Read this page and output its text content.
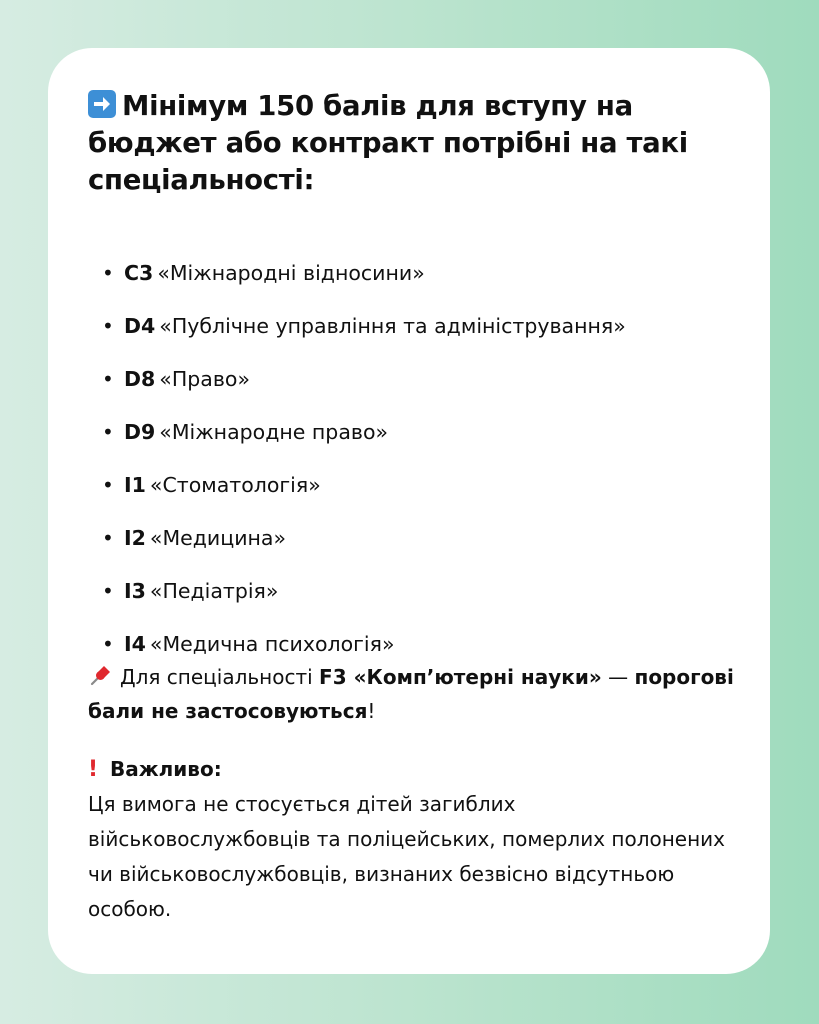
Мінімум 150 балів для вступу на бюджет або контракт потрібні на такі спеціальності:
• C3 «Міжнародні відносини»
• D4 «Публічне управління та адміністрування»
• D8 «Право»
• D9 «Міжнародне право»
• I1 «Стоматологія»
• I2 «Медицина»
• I3 «Педіатрія»
• I4 «Медична психологія»

Для спеціальності F3 «Комп’ютерні науки» — порогові бали не застосовуються!

! Важливо:
Ця вимога не стосується дітей загиблих військовослужбовців та поліцейських, померлих полонених чи військовослужбовців, визнаних безвісно відсутньою особою.
